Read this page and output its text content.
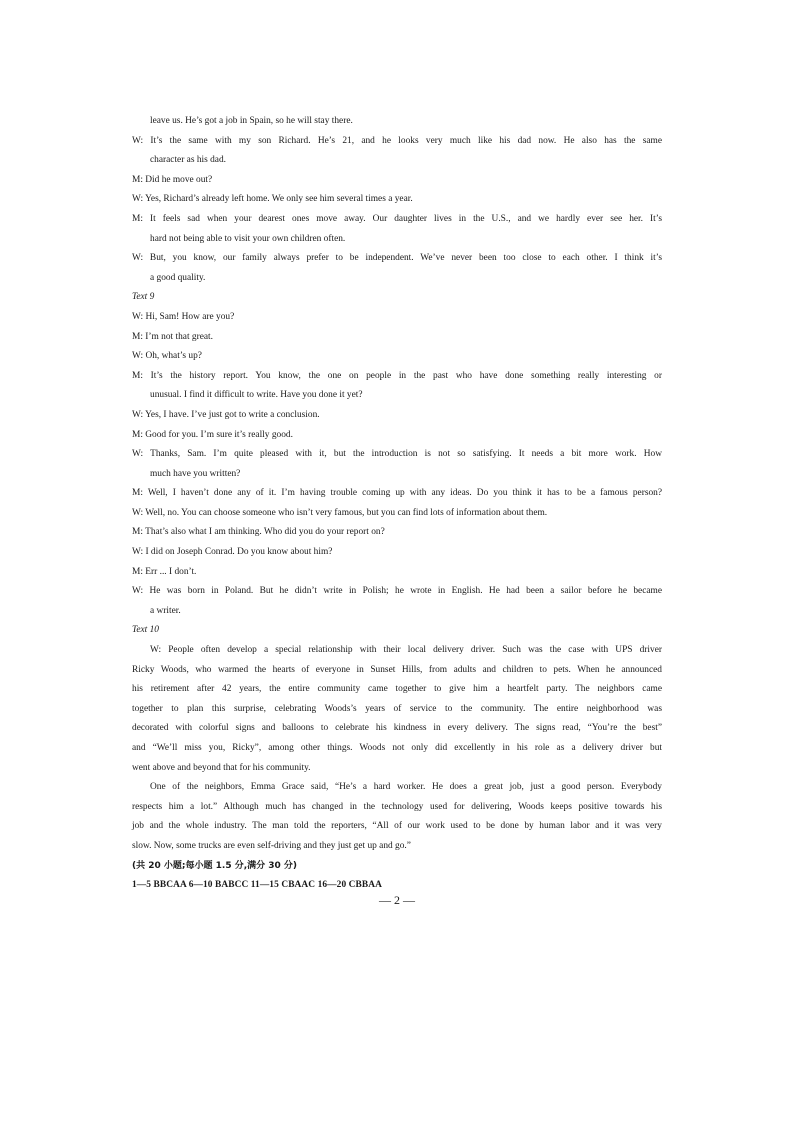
leave us. He’s got a job in Spain, so he will stay there.
W: It’s the same with my son Richard. He’s 21, and he looks very much like his dad now. He also has the same
character as his dad.
M: Did he move out?
W: Yes, Richard’s already left home. We only see him several times a year.
M: It feels sad when your dearest ones move away. Our daughter lives in the U.S., and we hardly ever see her. It’s
hard not being able to visit your own children often.
W: But, you know, our family always prefer to be independent. We’ve never been too close to each other. I think it’s
a good quality.
Text 9
W: Hi, Sam! How are you?
M: I’m not that great.
W: Oh, what’s up?
M: It’s the history report. You know, the one on people in the past who have done something really interesting or
unusual. I find it difficult to write. Have you done it yet?
W: Yes, I have. I’ve just got to write a conclusion.
M: Good for you. I’m sure it’s really good.
W: Thanks, Sam. I’m quite pleased with it, but the introduction is not so satisfying. It needs a bit more work. How
much have you written?
M: Well, I haven’t done any of it. I’m having trouble coming up with any ideas. Do you think it has to be a famous person?
W: Well, no. You can choose someone who isn’t very famous, but you can find lots of information about them.
M: That’s also what I am thinking. Who did you do your report on?
W: I did on Joseph Conrad. Do you know about him?
M: Err ... I don’t.
W: He was born in Poland. But he didn’t write in Polish; he wrote in English. He had been a sailor before he became
a writer.
Text 10
W: People often develop a special relationship with their local delivery driver. Such was the case with UPS driver
Ricky Woods, who warmed the hearts of everyone in Sunset Hills, from adults and children to pets. When he announced
his retirement after 42 years, the entire community came together to give him a heartfelt party. The neighbors came
together to plan this surprise, celebrating Woods’s years of service to the community. The entire neighborhood was
decorated with colorful signs and balloons to celebrate his kindness in every delivery. The signs read, “You’re the best”
and “We’ll miss you, Ricky”, among other things. Woods not only did excellently in his role as a delivery driver but
went above and beyond that for his community.
One of the neighbors, Emma Grace said, “He’s a hard worker. He does a great job, just a good person. Everybody
respects him a lot.” Although much has changed in the technology used for delivering, Woods keeps positive towards his
job and the whole industry. The man told the reporters, “All of our work used to be done by human labor and it was very
slow. Now, some trucks are even self-driving and they just get up and go.”
(共 20 小题;每小题 1.5 分,满分 30 分)
1—5 BBCAA 6—10 BABCC 11—15 CBAAC 16—20 CBBAA
— 2 —
